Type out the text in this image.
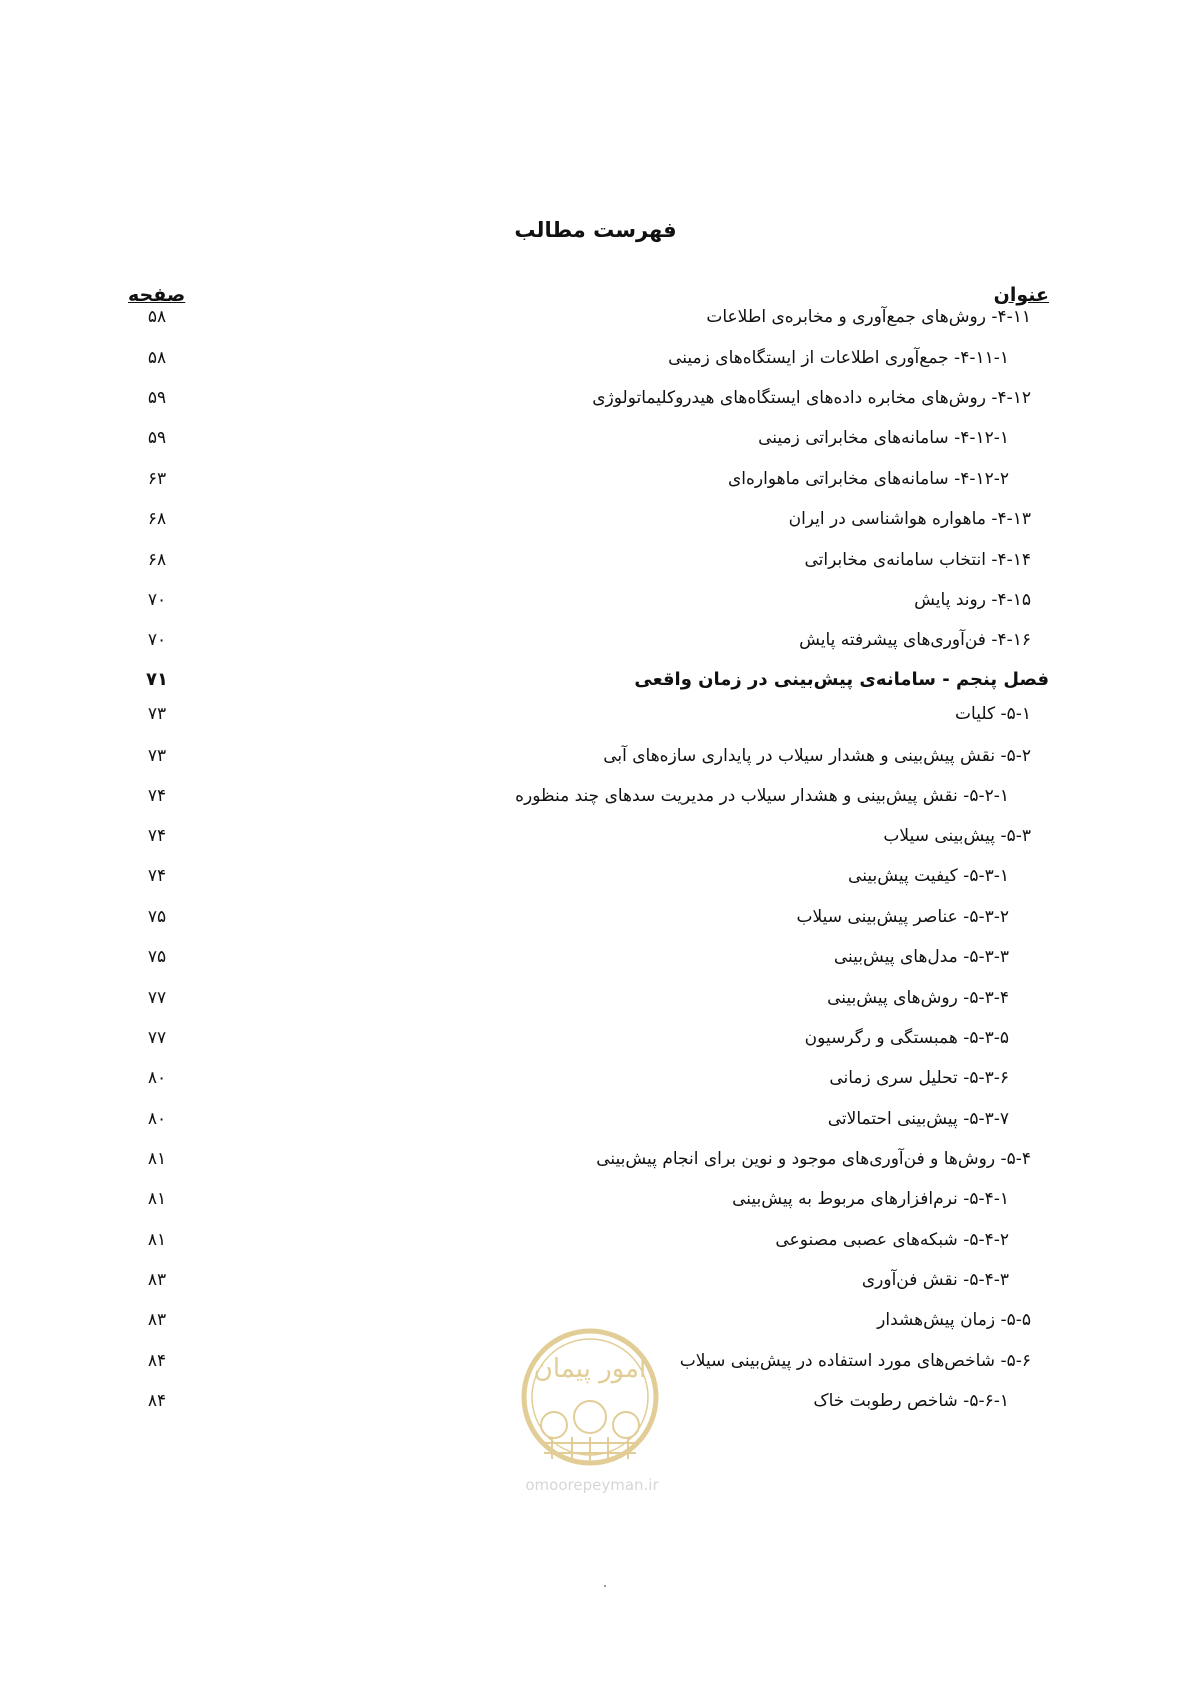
فهرست مطالب
عنوان
صفحه
۴-۱۱- روش‌های جمع‌آوری و مخابره‌ی اطلاعات
۵۸
۴-۱۱-۱- جمع‌آوری اطلاعات از ایستگاه‌های زمینی
۵۸
۴-۱۲- روش‌های مخابره داده‌های ایستگاه‌های هیدروکلیماتولوژی
۵۹
۴-۱۲-۱- سامانه‌های مخابراتی زمینی
۵۹
۴-۱۲-۲- سامانه‌های مخابراتی ماهواره‌ای
۶۳
۴-۱۳- ماهواره هواشناسی در ایران
۶۸
۴-۱۴- انتخاب سامانه‌ی مخابراتی
۶۸
۴-۱۵- روند پایش
۷۰
۴-۱۶- فن‌آوری‌های پیشرفته پایش
۷۰
فصل پنجم - سامانه‌ی پیش‌بینی در زمان واقعی
۷۱
۵-۱- کلیات
۷۳
۵-۲- نقش پیش‌بینی و هشدار سیلاب در پایداری سازه‌های آبی
۷۳
۵-۲-۱- نقش پیش‌بینی و هشدار سیلاب در مدیریت سدهای چند منظوره
۷۴
۵-۳- پیش‌بینی سیلاب
۷۴
۵-۳-۱- کیفیت پیش‌بینی
۷۴
۵-۳-۲- عناصر پیش‌بینی سیلاب
۷۵
۵-۳-۳- مدل‌های پیش‌بینی
۷۵
۵-۳-۴- روش‌های پیش‌بینی
۷۷
۵-۳-۵- همبستگی و رگرسیون
۷۷
۵-۳-۶- تحلیل سری زمانی
۸۰
۵-۳-۷- پیش‌بینی احتمالاتی
۸۰
۵-۴- روش‌ها و فن‌آوری‌های موجود و نوین برای انجام پیش‌بینی
۸۱
۵-۴-۱- نرم‌افزارهای مربوط به پیش‌بینی
۸۱
۵-۴-۲- شبکه‌های عصبی مصنوعی
۸۱
۵-۴-۳- نقش فن‌آوری
۸۳
۵-۵- زمان پیش‌هشدار
۸۳
۵-۶- شاخص‌های مورد استفاده در پیش‌بینی سیلاب
۸۴
۵-۶-۱- شاخص رطوبت خاک
۸۴
امور پیمان
omoorepeyman.ir
